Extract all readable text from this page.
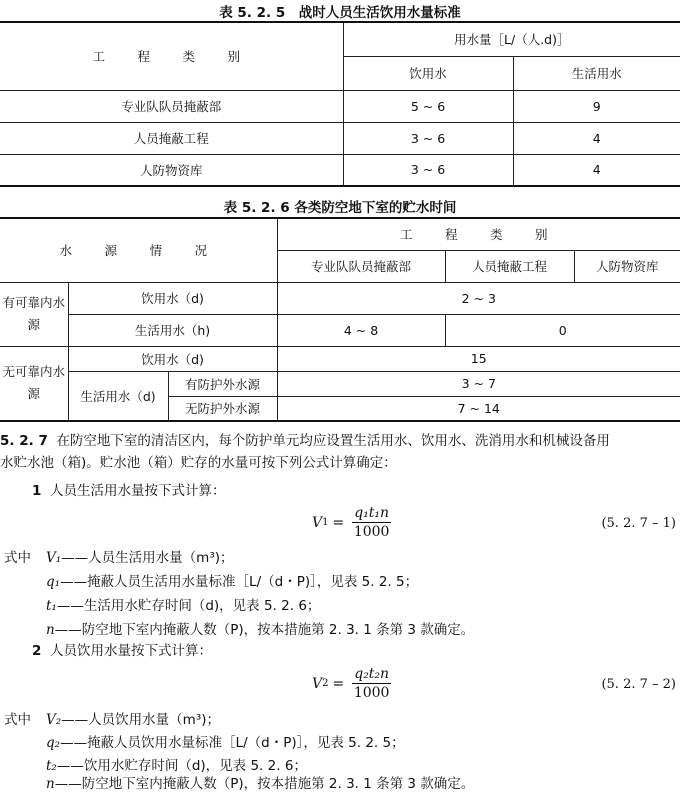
表 5. 2. 5　战时人员生活饮用水量标准
工　程　类　别	用水量［L/（人.d)］	
	饮用水	生活用水
专业队队员掩蔽部	5 ~ 6	9
人员掩蔽工程	3 ~ 6	4
人防物资库	3 ~ 6	4
表 5. 2. 6 各类防空地下室的贮水时间
水　源　情　况			工　程　类　别		
			专业队队员掩蔽部	人员掩蔽工程	人防物资库
有可靠内水源	饮用水（d)		2 ~ 3		
	生活用水（h)		4 ~ 8	0	
无可靠内水源	饮用水（d)		15		
	生活用水（d)	有防护外水源	3 ~ 7		
		无防护外水源	7 ~ 14		
5. 2. 7 在防空地下室的清洁区内，每个防护单元均应设置生活用水、饮用水、洗消用水和机械设备用
水贮水池（箱)。贮水池（箱）贮存的水量可按下列公式计算确定：
1 人员生活用水量按下式计算：
V $1 = \frac{\text{q₁t₁n}}{1000}$	(5. 2. 7 – 1)
式中 V₁——人员生活用水量（m³)；
q₁——掩蔽人员生活用水量标准［L/（d・P)］，见表 5. 2. 5；
t₁——生活用水贮存时间（d)，见表 5. 2. 6；
n——防空地下室内掩蔽人数（P)，按本措施第 2. 3. 1 条第 3 款确定。
2 人员饮用水量按下式计算：
V $2 = \frac{\text{q₂t₂n}}{1000}$	(5. 2. 7 – 2)
式中 V₂——人员饮用水量（m³)；
q₂——掩蔽人员饮用水量标准［L/（d・P)］，见表 5. 2. 5；
t₂——饮用水贮存时间（d)，见表 5. 2. 6；
n——防空地下室内掩蔽人数（P)，按本措施第 2. 3. 1 条第 3 款确定。
